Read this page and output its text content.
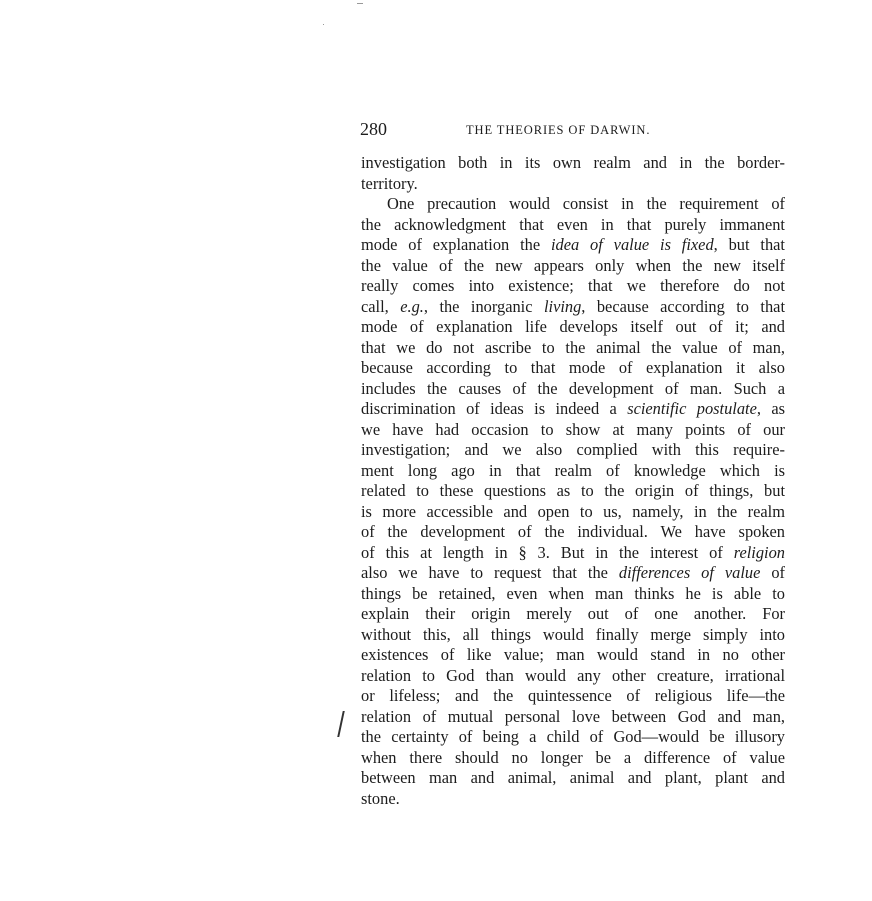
280	THE THEORIES OF DARWIN.
investigation both in its own realm and in the border-
territory.
One precaution would consist in the requirement of
the acknowledgment that even in that purely immanent
mode of explanation the idea of value is fixed, but that
the value of the new appears only when the new itself
really comes into existence; that we therefore do not
call, e.g., the inorganic living, because according to that
mode of explanation life develops itself out of it; and
that we do not ascribe to the animal the value of man,
because according to that mode of explanation it also
includes the causes of the development of man. Such a
discrimination of ideas is indeed a scientific postulate, as
we have had occasion to show at many points of our
investigation; and we also complied with this require-
ment long ago in that realm of knowledge which is
related to these questions as to the origin of things, but
is more accessible and open to us, namely, in the realm
of the development of the individual. We have spoken
of this at length in § 3. But in the interest of religion
also we have to request that the differences of value of
things be retained, even when man thinks he is able to
explain their origin merely out of one another. For
without this, all things would finally merge simply into
existences of like value; man would stand in no other
relation to God than would any other creature, irrational
or lifeless; and the quintessence of religious life—the
relation of mutual personal love between God and man,
the certainty of being a child of God—would be illusory
when there should no longer be a difference of value
between man and animal, animal and plant, plant and
stone.
